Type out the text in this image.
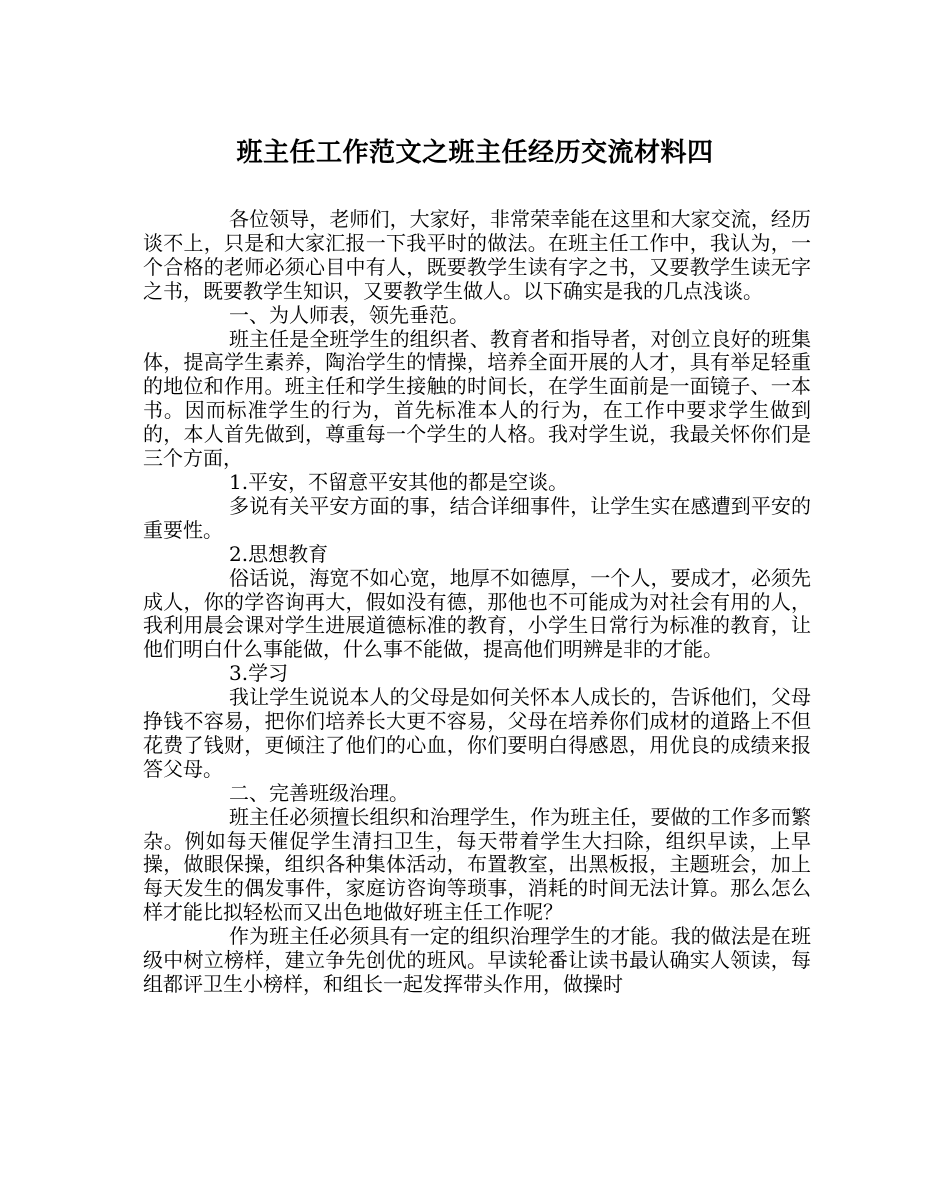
班主任工作范文之班主任经历交流材料四

各位领导，老师们，大家好，非常荣幸能在这里和大家交流，经历谈不上，只是和大家汇报一下我平时的做法。在班主任工作中，我认为，一个合格的老师必须心目中有人，既要教学生读有字之书，又要教学生读无字之书，既要教学生知识，又要教学生做人。以下确实是我的几点浅谈。

一、为人师表，领先垂范。

班主任是全班学生的组织者、教育者和指导者，对创立良好的班集体，提高学生素养，陶治学生的情操，培养全面开展的人才，具有举足轻重的地位和作用。班主任和学生接触的时间长，在学生面前是一面镜子、一本书。因而标准学生的行为，首先标准本人的行为，在工作中要求学生做到的，本人首先做到，尊重每一个学生的人格。我对学生说，我最关怀你们是三个方面，

1.平安，不留意平安其他的都是空谈。

多说有关平安方面的事，结合详细事件，让学生实在感遭到平安的重要性。

2.思想教育

俗话说，海宽不如心宽，地厚不如德厚，一个人，要成才，必须先成人，你的学咨询再大，假如没有德，那他也不可能成为对社会有用的人，我利用晨会课对学生进展道德标准的教育，小学生日常行为标准的教育，让他们明白什么事能做，什么事不能做，提高他们明辨是非的才能。

3.学习

我让学生说说本人的父母是如何关怀本人成长的，告诉他们，父母挣钱不容易，把你们培养长大更不容易，父母在培养你们成材的道路上不但花费了钱财，更倾注了他们的心血，你们要明白得感恩，用优良的成绩来报答父母。

二、完善班级治理。

班主任必须擅长组织和治理学生，作为班主任，要做的工作多而繁杂。例如每天催促学生清扫卫生，每天带着学生大扫除，组织早读，上早操，做眼保操，组织各种集体活动，布置教室，出黑板报，主题班会，加上每天发生的偶发事件，家庭访咨询等琐事，消耗的时间无法计算。那么怎么样才能比拟轻松而又出色地做好班主任工作呢？

作为班主任必须具有一定的组织治理学生的才能。我的做法是在班级中树立榜样，建立争先创优的班风。早读轮番让读书最认确实人领读，每组都评卫生小榜样，和组长一起发挥带头作用，做操时
